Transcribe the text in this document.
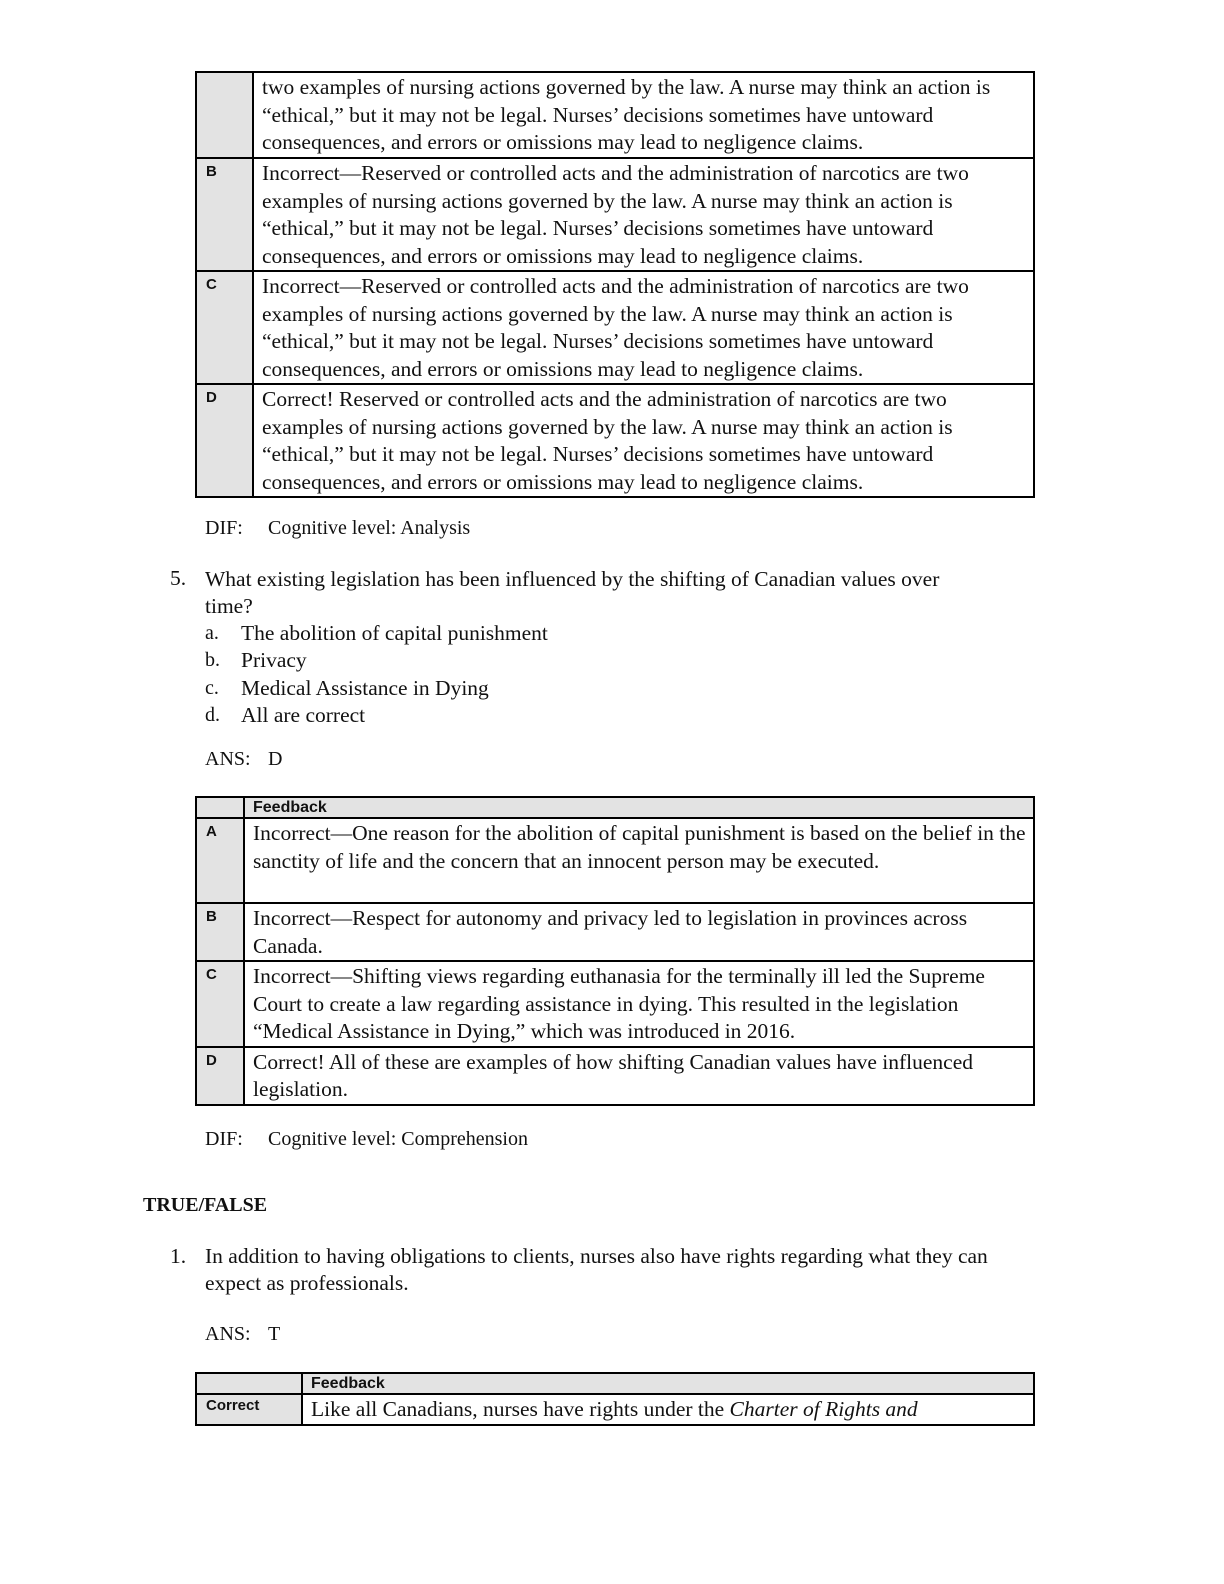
	two examples of nursing actions governed by the law. A nurse may think an action is “ethical,” but it may not be legal. Nurses’ decisions sometimes have untoward consequences, and errors or omissions may lead to negligence claims.
B	Incorrect—Reserved or controlled acts and the administration of narcotics are two examples of nursing actions governed by the law. A nurse may think an action is “ethical,” but it may not be legal. Nurses’ decisions sometimes have untoward consequences, and errors or omissions may lead to negligence claims.
C	Incorrect—Reserved or controlled acts and the administration of narcotics are two examples of nursing actions governed by the law. A nurse may think an action is “ethical,” but it may not be legal. Nurses’ decisions sometimes have untoward consequences, and errors or omissions may lead to negligence claims.
D	Correct! Reserved or controlled acts and the administration of narcotics are two examples of nursing actions governed by the law. A nurse may think an action is “ethical,” but it may not be legal. Nurses’ decisions sometimes have untoward consequences, and errors or omissions may lead to negligence claims.
DIF: Cognitive level: Analysis
5. What existing legislation has been influenced by the shifting of Canadian values over
time?
a. The abolition of capital punishment
b. Privacy
c. Medical Assistance in Dying
d. All are correct
ANS: D
	Feedback
A	Incorrect—One reason for the abolition of capital punishment is based on the belief in the sanctity of life and the concern that an innocent person may be executed.
B	Incorrect—Respect for autonomy and privacy led to legislation in provinces across Canada.
C	Incorrect—Shifting views regarding euthanasia for the terminally ill led the Supreme Court to create a law regarding assistance in dying. This resulted in the legislation “Medical Assistance in Dying,” which was introduced in 2016.
D	Correct! All of these are examples of how shifting Canadian values have influenced legislation.
DIF: Cognitive level: Comprehension
TRUE/FALSE
1. In addition to having obligations to clients, nurses also have rights regarding what they can
expect as professionals.
ANS: T
	Feedback
Correct	Like all Canadians, nurses have rights under the Charter of Rights and
